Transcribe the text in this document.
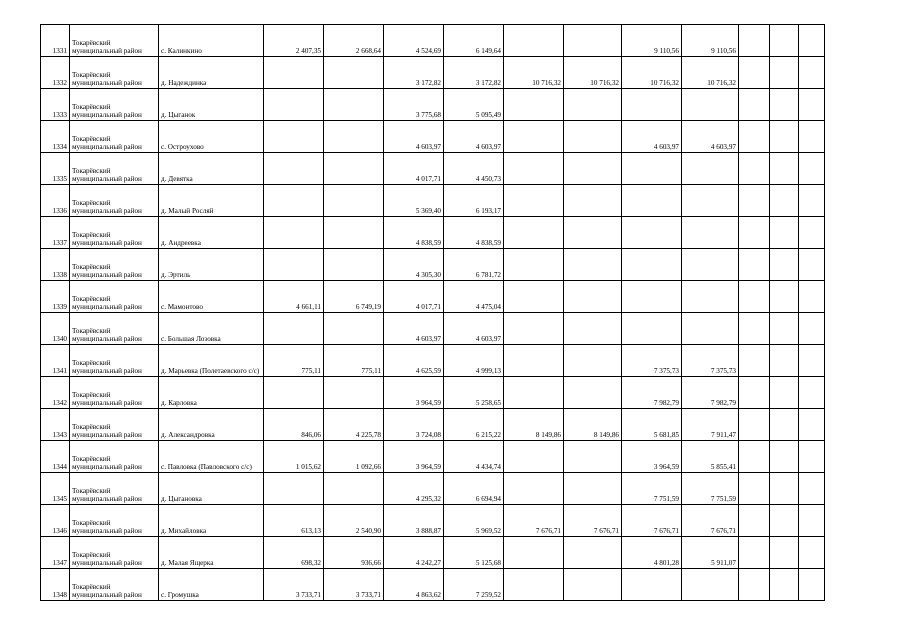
1331	Токарёвский муниципальный район	с. Калинкино	2 407,35	2 668,64	4 524,69	6 149,64			9 110,56	9 110,56			
1332	Токарёвский муниципальный район	д. Надеждинка			3 172,82	3 172,82	10 716,32	10 716,32	10 716,32	10 716,32			
1333	Токарёвский муниципальный район	д. Цыганок			3 775,68	5 095,49							
1334	Токарёвский муниципальный район	с. Остроухово			4 603,97	4 603,97			4 603,97	4 603,97			
1335	Токарёвский муниципальный район	д. Девятка			4 017,71	4 450,73							
1336	Токарёвский муниципальный район	д. Малый Росляй			5 369,40	6 193,17							
1337	Токарёвский муниципальный район	д. Андреевка			4 838,59	4 838,59							
1338	Токарёвский муниципальный район	д. Эртиль			4 305,30	6 781,72							
1339	Токарёвский муниципальный район	с. Мамонтово	4 661,11	6 749,19	4 017,71	4 475,04							
1340	Токарёвский муниципальный район	с. Большая Лозовка			4 603,97	4 603,97							
1341	Токарёвский муниципальный район	д. Марьевка (Полетаевского с/с)	775,11	775,11	4 625,59	4 999,13			7 375,73	7 375,73			
1342	Токарёвский муниципальный район	д. Карловка			3 964,59	5 258,65			7 982,79	7 982,79			
1343	Токарёвский муниципальный район	д. Александровка	846,06	4 225,78	3 724,08	6 215,22	8 149,86	8 149,86	5 681,85	7 911,47			
1344	Токарёвский муниципальный район	с. Павловка (Павловского с/с)	1 015,62	1 092,66	3 964,59	4 434,74			3 964,59	5 855,41			
1345	Токарёвский муниципальный район	д. Цыгановка			4 295,32	6 694,94			7 751,59	7 751,59			
1346	Токарёвский муниципальный район	д. Михайловка	613,13	2 540,90	3 888,87	5 969,52	7 676,71	7 676,71	7 676,71	7 676,71			
1347	Токарёвский муниципальный район	д. Малая Ящерка	698,32	936,66	4 242,27	5 125,68			4 801,28	5 911,07			
1348	Токарёвский муниципальный район	с. Громушка	3 733,71	3 733,71	4 863,62	7 259,52							
